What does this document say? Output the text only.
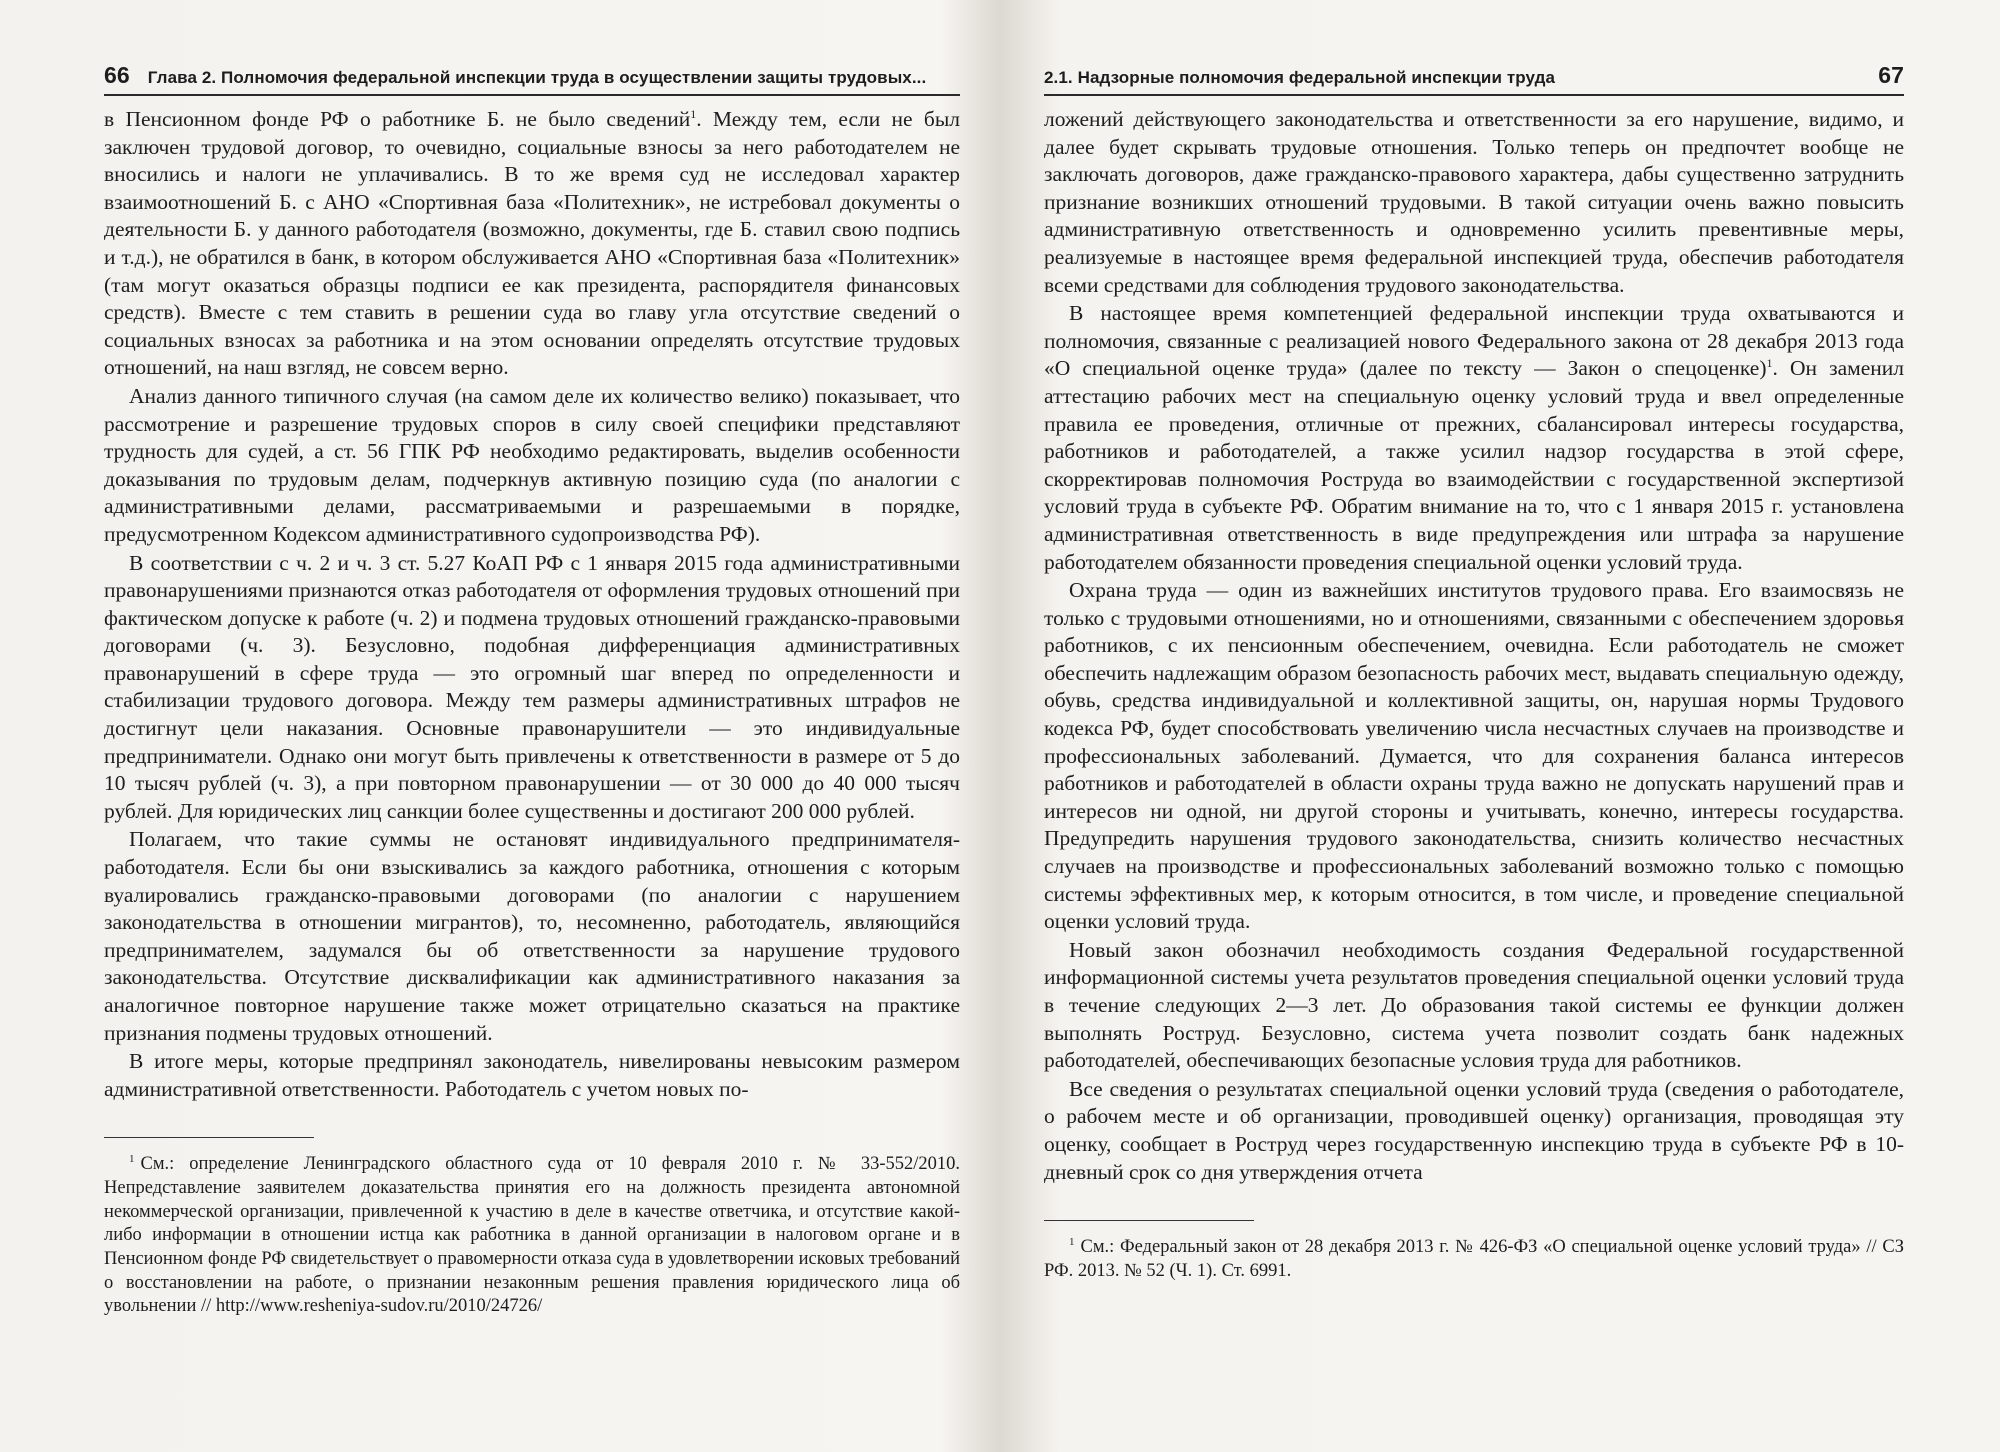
66 Глава 2. Полномочия федеральной инспекции труда в осуществлении защиты трудовых...

в Пенсионном фонде РФ о работнике Б. не было сведений$^1$. Между тем, если не был заключен трудовой договор, то очевидно, социальные взносы за него работодателем не вносились и налоги не уплачивались. В то же время суд не исследовал характер взаимоотношений Б. с АНО «Спортивная база «Политехник», не истребовал документы о деятельности Б. у данного работодателя (возможно, документы, где Б. ставил свою подпись и т.д.), не обратился в банк, в котором обслуживается АНО «Спортивная база «Политехник» (там могут оказаться образцы подписи ее как президента, распорядителя финансовых средств). Вместе с тем ставить в решении суда во главу угла отсутствие сведений о социальных взносах за работника и на этом основании определять отсутствие трудовых отношений, на наш взгляд, не совсем верно.

Анализ данного типичного случая (на самом деле их количество велико) показывает, что рассмотрение и разрешение трудовых споров в силу своей специфики представляют трудность для судей, а ст. 56 ГПК РФ необходимо редактировать, выделив особенности доказывания по трудовым делам, подчеркнув активную позицию суда (по аналогии с административными делами, рассматриваемыми и разрешаемыми в порядке, предусмотренном Кодексом административного судопроизводства РФ).

В соответствии с ч. 2 и ч. 3 ст. 5.27 КоАП РФ с 1 января 2015 года административными правонарушениями признаются отказ работодателя от оформления трудовых отношений при фактическом допуске к работе (ч. 2) и подмена трудовых отношений гражданско-правовыми договорами (ч. 3). Безусловно, подобная дифференциация административных правонарушений в сфере труда — это огромный шаг вперед по определенности и стабилизации трудового договора. Между тем размеры административных штрафов не достигнут цели наказания. Основные правонарушители — это индивидуальные предприниматели. Однако они могут быть привлечены к ответственности в размере от 5 до 10 тысяч рублей (ч. 3), а при повторном правонарушении — от 30 000 до 40 000 тысяч рублей. Для юридических лиц санкции более существенны и достигают 200 000 рублей.

Полагаем, что такие суммы не остановят индивидуального предпринимателя-работодателя. Если бы они взыскивались за каждого работника, отношения с которым вуалировались гражданско-правовыми договорами (по аналогии с нарушением законодательства в отношении мигрантов), то, несомненно, работодатель, являющийся предпринимателем, задумался бы об ответственности за нарушение трудового законодательства. Отсутствие дисквалификации как административного наказания за аналогичное повторное нарушение также может отрицательно сказаться на практике признания подмены трудовых отношений.

В итоге меры, которые предпринял законодатель, нивелированы невысоким размером административной ответственности. Работодатель с учетом новых по-

$^1$ См.: определение Ленинградского областного суда от 10 февраля 2010 г. № 33-552/2010. Непредставление заявителем доказательства принятия его на должность президента автономной некоммерческой организации, привлеченной к участию в деле в качестве ответчика, и отсутствие какой-либо информации в отношении истца как работника в данной организации в налоговом органе и в Пенсионном фонде РФ свидетельствует о правомерности отказа суда в удовлетворении исковых требований о восстановлении на работе, о признании незаконным решения правления юридического лица об увольнении // http://www.resheniya-sudov.ru/2010/24726/

2.1. Надзорные полномочия федеральной инспекции труда	67

ложений действующего законодательства и ответственности за его нарушение, видимо, и далее будет скрывать трудовые отношения. Только теперь он предпочтет вообще не заключать договоров, даже гражданско-правового характера, дабы существенно затруднить признание возникших отношений трудовыми. В такой ситуации очень важно повысить административную ответственность и одновременно усилить превентивные меры, реализуемые в настоящее время федеральной инспекцией труда, обеспечив работодателя всеми средствами для соблюдения трудового законодательства.

В настоящее время компетенцией федеральной инспекции труда охватываются и полномочия, связанные с реализацией нового Федерального закона от 28 декабря 2013 года «О специальной оценке труда» (далее по тексту — Закон о спецоценке)$^1$. Он заменил аттестацию рабочих мест на специальную оценку условий труда и ввел определенные правила ее проведения, отличные от прежних, сбалансировал интересы государства, работников и работодателей, а также усилил надзор государства в этой сфере, скорректировав полномочия Роструда во взаимодействии с государственной экспертизой условий труда в субъекте РФ. Обратим внимание на то, что с 1 января 2015 г. установлена административная ответственность в виде предупреждения или штрафа за нарушение работодателем обязанности проведения специальной оценки условий труда.

Охрана труда — один из важнейших институтов трудового права. Его взаимосвязь не только с трудовыми отношениями, но и отношениями, связанными с обеспечением здоровья работников, с их пенсионным обеспечением, очевидна. Если работодатель не сможет обеспечить надлежащим образом безопасность рабочих мест, выдавать специальную одежду, обувь, средства индивидуальной и коллективной защиты, он, нарушая нормы Трудового кодекса РФ, будет способствовать увеличению числа несчастных случаев на производстве и профессиональных заболеваний. Думается, что для сохранения баланса интересов работников и работодателей в области охраны труда важно не допускать нарушений прав и интересов ни одной, ни другой стороны и учитывать, конечно, интересы государства. Предупредить нарушения трудового законодательства, снизить количество несчастных случаев на производстве и профессиональных заболеваний возможно только с помощью системы эффективных мер, к которым относится, в том числе, и проведение специальной оценки условий труда.

Новый закон обозначил необходимость создания Федеральной государственной информационной системы учета результатов проведения специальной оценки условий труда в течение следующих 2—3 лет. До образования такой системы ее функции должен выполнять Роструд. Безусловно, система учета позволит создать банк надежных работодателей, обеспечивающих безопасные условия труда для работников.

Все сведения о результатах специальной оценки условий труда (сведения о работодателе, о рабочем месте и об организации, проводившей оценку) организация, проводящая эту оценку, сообщает в Роструд через государственную инспекцию труда в субъекте РФ в 10-дневный срок со дня утверждения отчета

$^1$ См.: Федеральный закон от 28 декабря 2013 г. № 426-ФЗ «О специальной оценке условий труда» // СЗ РФ. 2013. № 52 (Ч. 1). Ст. 6991.
